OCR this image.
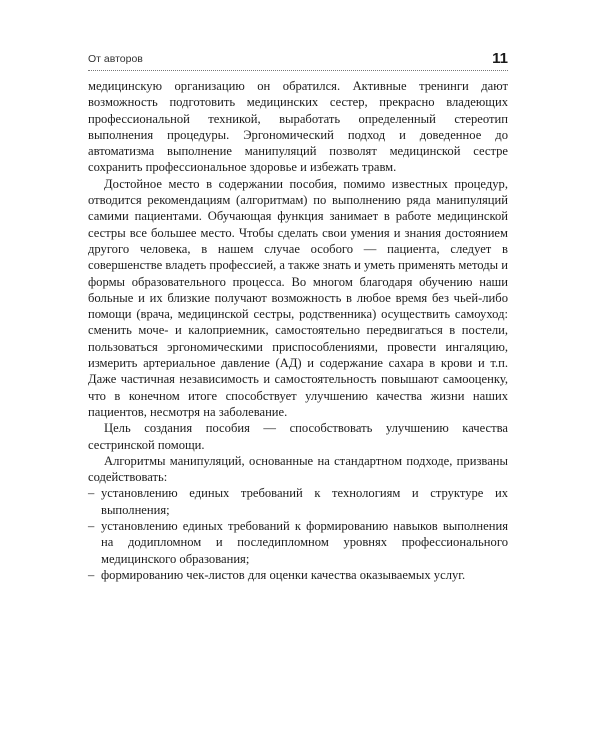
От авторов	11

медицинскую организацию он обратился. Активные тренинги дают возможность подготовить медицинских сестер, прекрасно владеющих профессиональной техникой, выработать определенный стереотип выполнения процедуры. Эргономический подход и доведенное до автоматизма выполнение манипуляций позволят медицинской сестре сохранить профессиональное здоровье и избежать травм.

Достойное место в содержании пособия, помимо известных процедур, отводится рекомендациям (алгоритмам) по выполнению ряда манипуляций самими пациентами. Обучающая функция занимает в работе медицинской сестры все большее место. Чтобы сделать свои умения и знания достоянием другого человека, в нашем случае особого — пациента, следует в совершенстве владеть профессией, а также знать и уметь применять методы и формы образовательного процесса. Во многом благодаря обучению наши больные и их близкие получают возможность в любое время без чьей-либо помощи (врача, медицинской сестры, родственника) осуществить самоуход: сменить моче- и калоприемник, самостоятельно передвигаться в постели, пользоваться эргономическими приспособлениями, провести ингаляцию, измерить артериальное давление (АД) и содержание сахара в крови и т.п. Даже частичная независимость и самостоятельность повышают самооценку, что в конечном итоге способствует улучшению качества жизни наших пациентов, несмотря на заболевание.

Цель создания пособия — способствовать улучшению качества сестринской помощи.

Алгоритмы манипуляций, основанные на стандартном подходе, призваны содействовать:

– установлению единых требований к технологиям и структуре их выполнения;
– установлению единых требований к формированию навыков выполнения на додипломном и последипломном уровнях профессионального медицинского образования;
– формированию чек-листов для оценки качества оказываемых услуг.
